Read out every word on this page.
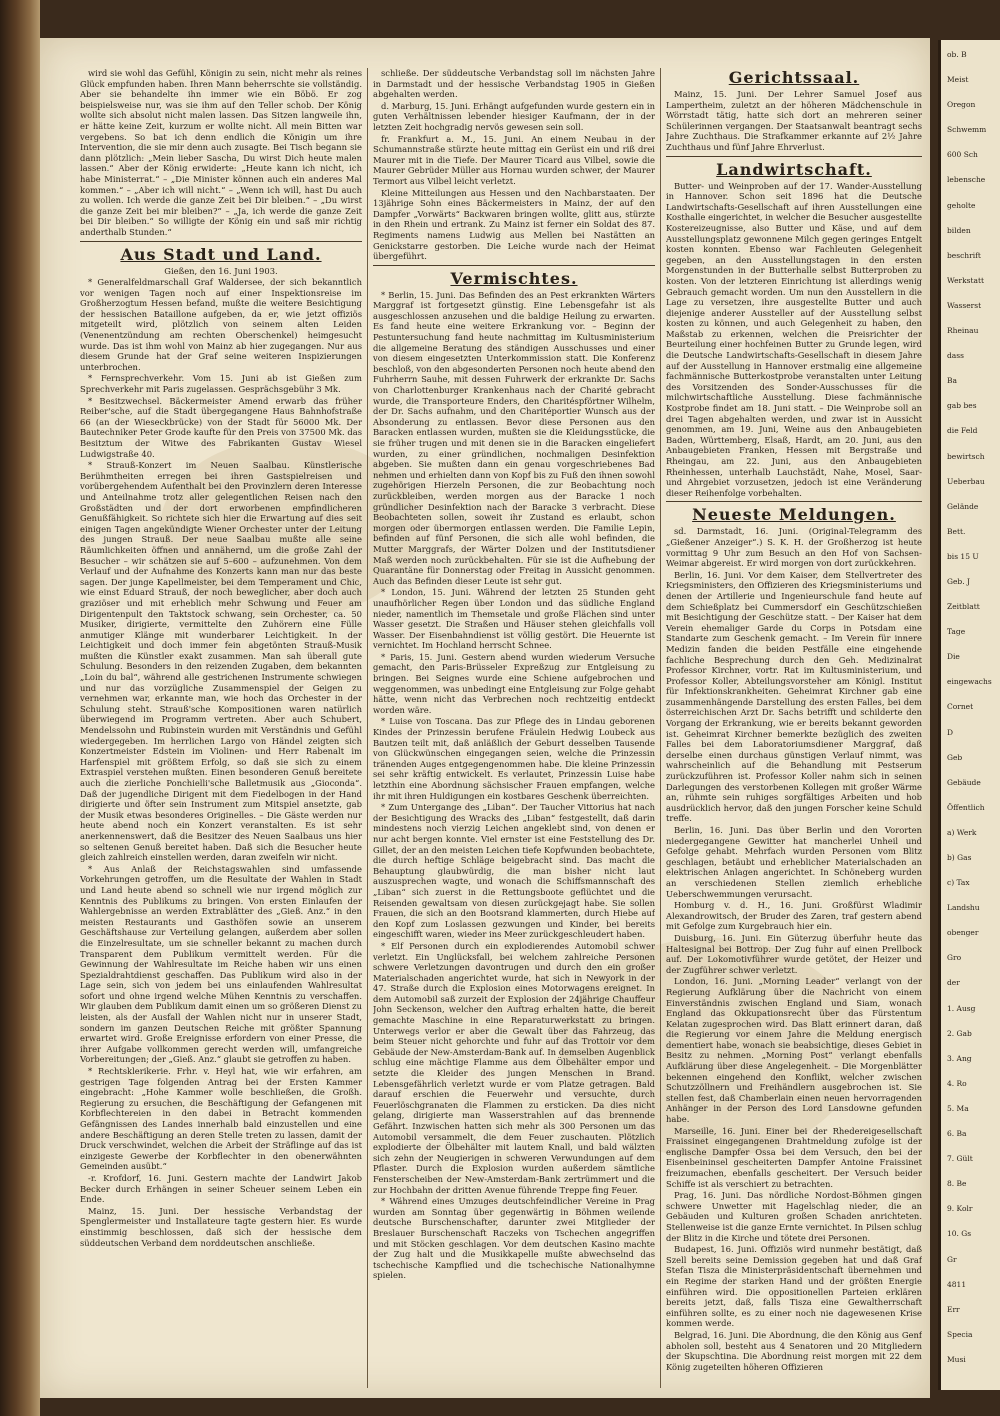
wird sie wohl das Gefühl, Königin zu sein, nicht mehr als reines Glück empfunden haben. Ihren Mann beherrschte sie vollständig. Aber sie behandelte ihn immer wie ein Böbö. Er zog beispielsweise nur, was sie ihm auf den Teller schob. Der König wollte sich absolut nicht malen lassen. Das Sitzen langweile ihn, er hätte keine Zeit, kurzum er wollte nicht. All mein Bitten war vergebens. So bat ich denn endlich die Königin um ihre Intervention, die sie mir denn auch zusagte. Bei Tisch begann sie dann plötzlich: „Mein lieber Sascha, Du wirst Dich heute malen lassen.“ Aber der König erwiderte: „Heute kann ich nicht, ich habe Ministerrat.“ – „Die Minister können auch ein anderes Mal kommen.“ – „Aber ich will nicht.“ – „Wenn ich will, hast Du auch zu wollen. Ich werde die ganze Zeit bei Dir bleiben.“ – „Du wirst die ganze Zeit bei mir bleiben?“ – „Ja, ich werde die ganze Zeit bei Dir bleiben.“ So willigte der König ein und saß mir richtig anderthalb Stunden.“

Aus Stadt und Land.

Gießen, den 16. Juni 1903.

* Generalfeldmarschall Graf Waldersee, der sich bekanntlich vor wenigen Tagen noch auf einer Inspektionsreise im Großherzogtum Hessen befand, mußte die weitere Besichtigung der hessischen Bataillone aufgeben, da er, wie jetzt offiziös mitgeteilt wird, plötzlich von seinem alten Leiden (Venenentzündung am rechten Oberschenkel) heimgesucht wurde. Das ist ihm wohl von Mainz ab hier zugegangen. Nur aus diesem Grunde hat der Graf seine weiteren Inspizierungen unterbrochen.

* Fernsprechverkehr. Vom 15. Juni ab ist Gießen zum Sprechverkehr mit Paris zugelassen. Gesprächsgebühr 3 Mk.

* Besitzwechsel. Bäckermeister Amend erwarb das früher Reiber'sche, auf die Stadt übergegangene Haus Bahnhofstraße 66 (an der Wieseckbrücke) von der Stadt für 56000 Mk. Der Bautechniker Peter Grode kaufte für den Preis von 37500 Mk. das Besitztum der Witwe des Fabrikanten Gustav Wiesel Ludwigstraße 40.

* Strauß-Konzert im Neuen Saalbau. Künstlerische Berühmtheiten erregen bei ihren Gastspielreisen und vorübergehendem Aufenthalt bei den Provinzlern deren Interesse und Anteilnahme trotz aller gelegentlichen Reisen nach den Großstädten und der dort erworbenen empfindlicheren Genußfähigkeit. So richtete sich hier die Erwartung auf dies seit einigen Tagen angekündigte Wiener Orchester unter der Leitung des jungen Strauß. Der neue Saalbau mußte alle seine Räumlichkeiten öffnen und annähernd, um die große Zahl der Besucher – wir schätzen sie auf 5–600 – aufzunehmen. Von dem Verlauf und der Aufnahme des Konzerts kann man nur das beste sagen. Der junge Kapellmeister, bei dem Temperament und Chic, wie einst Eduard Strauß, der noch beweglicher, aber doch auch graziöser und mit erheblich mehr Schwung und Feuer am Dirigentenpult den Taktstock schwang, sein Orchester, ca. 50 Musiker, dirigierte, vermittelte den Zuhörern eine Fülle anmutiger Klänge mit wunderbarer Leichtigkeit. In der Leichtigkeit und doch immer fein abgetönten Strauß-Musik mußten die Künstler exakt zusammen. Man sah überall gute Schulung. Besonders in den reizenden Zugaben, dem bekannten „Loin du bal“, während alle gestrichenen Instrumente schwiegen und nur das vorzügliche Zusammenspiel der Geigen zu vernehmen war, erkannte man, wie hoch das Orchester in der Schulung steht. Strauß'sche Kompositionen waren natürlich überwiegend im Programm vertreten. Aber auch Schubert, Mendelssohn und Rubinstein wurden mit Verständnis und Gefühl wiedergegeben. Im herrlichen Largo von Händel zeigten sich Konzertmeister Edstein im Violinen- und Herr Rabenalt im Harfenspiel mit größtem Erfolg, so daß sie sich zu einem Extraspiel verstehen mußten. Einen besonderen Genuß bereitete auch die zierliche Ponchielli'sche Balletmusik aus „Gioconda“. Daß der jugendliche Dirigent mit dem Fiedelbogen in der Hand dirigierte und öfter sein Instrument zum Mitspiel ansetzte, gab der Musik etwas besonderes Originelles. – Die Gäste werden nur heute abend noch ein Konzert veranstalten. Es ist sehr anerkennenswert, daß die Besitzer des Neuen Saalbaus uns hier so seltenen Genuß bereitet haben. Daß sich die Besucher heute gleich zahlreich einstellen werden, daran zweifeln wir nicht.

* Aus Anlaß der Reichstagswahlen sind umfassende Vorkehrungen getroffen, um die Resultate der Wahlen in Stadt und Land heute abend so schnell wie nur irgend möglich zur Kenntnis des Publikums zu bringen. Von ersten Einlaufen der Wahlergebnisse an werden Extrablätter des „Gieß. Anz.“ in den meisten Restaurants und Gasthöfen sowie an unserem Geschäftshause zur Verteilung gelangen, außerdem aber sollen die Einzelresultate, um sie schneller bekannt zu machen durch Transparent dem Publikum vermittelt werden. Für die Gewinnung der Wahlresultate im Reiche haben wir uns einen Spezialdrahtdienst geschaffen. Das Publikum wird also in der Lage sein, sich von jedem bei uns einlaufenden Wahlresultat sofort und ohne irgend welche Mühen Kenntnis zu verschaffen. Wir glauben dem Publikum damit einen um so größeren Dienst zu leisten, als der Ausfall der Wahlen nicht nur in unserer Stadt, sondern im ganzen Deutschen Reiche mit größter Spannung erwartet wird. Große Ereignisse erfordern von einer Presse, die ihrer Aufgabe vollkommen gerecht werden will, umfangreiche Vorbereitungen; der „Gieß. Anz.“ glaubt sie getroffen zu haben.

* Rechtsklerikerie. Frhr. v. Heyl hat, wie wir erfahren, am gestrigen Tage folgenden Antrag bei der Ersten Kammer eingebracht: „Hohe Kammer wolle beschließen, die Großh. Regierung zu ersuchen, die Beschäftigung der Gefangenen mit Korbflechtereien in den dabei in Betracht kommenden Gefängnissen des Landes innerhalb bald einzustellen und eine andere Beschäftigung an deren Stelle treten zu lassen, damit der Druck verschwindet, welchen die Arbeit der Sträflinge auf das ist einzigeste Gewerbe der Korbflechter in den obenerwähnten Gemeinden ausübt.“

-r. Krofdorf, 16. Juni. Gestern machte der Landwirt Jakob Becker durch Erhängen in seiner Scheuer seinem Leben ein Ende.

Mainz, 15. Juni. Der hessische Verbandstag der Spenglermeister und Installateure tagte gestern hier. Es wurde einstimmig beschlossen, daß sich der hessische dem süddeutschen Verband dem norddeutschen anschließe.

schließe. Der süddeutsche Verbandstag soll im nächsten Jahre in Darmstadt und der hessische Verbandstag 1905 in Gießen abgehalten werden.

d. Marburg, 15. Juni. Erhängt aufgefunden wurde gestern ein in guten Verhältnissen lebender hiesiger Kaufmann, der in der letzten Zeit hochgradig nervös gewesen sein soll.

fr. Frankfurt a. M., 15. Juni. An einem Neubau in der Schumannstraße stürzte heute mittag ein Gerüst ein und riß drei Maurer mit in die Tiefe. Der Maurer Ticard aus Vilbel, sowie die Maurer Gebrüder Müller aus Hornau wurden schwer, der Maurer Termort aus Vilbel leicht verletzt.

Kleine Mitteilungen aus Hessen und den Nachbarstaaten. Der 13jährige Sohn eines Bäckermeisters in Mainz, der auf den Dampfer „Vorwärts“ Backwaren bringen wollte, glitt aus, stürzte in den Rhein und ertrank. Zu Mainz ist ferner ein Soldat des 87. Regiments namens Ludwig aus Mellen bei Nastätten an Genickstarre gestorben. Die Leiche wurde nach der Heimat übergeführt.

Vermischtes.

* Berlin, 15. Juni. Das Befinden des an Pest erkrankten Wärters Marggraf ist fortgesetzt günstig. Eine Lebensgefahr ist als ausgeschlossen anzusehen und die baldige Heilung zu erwarten. Es fand heute eine weitere Erkrankung vor. – Beginn der Pestuntersuchung fand heute nachmittag im Kultusministerium die allgemeine Beratung des ständigen Ausschusses und einer von diesem eingesetzten Unterkommission statt. Die Konferenz beschloß, von den abgesonderten Personen noch heute abend den Fuhrherrn Sauhe, mit dessen Fuhrwerk der erkrankte Dr. Sachs von Charlottenburger Krankenhaus nach der Charité gebracht wurde, die Transporteure Enders, den Charitéspförtner Wilhelm, der Dr. Sachs aufnahm, und den Charitéportier Wunsch aus der Absonderung zu entlassen. Bevor diese Personen aus den Baracken entlassen wurden, mußten sie die Kleidungsstücke, die sie früher trugen und mit denen sie in die Baracken eingeliefert wurden, zu einer gründlichen, nochmaligen Desinfektion abgeben. Sie mußten dann ein genau vorgeschriebenes Bad nehmen und erhielten dann von Kopf bis zu Fuß den ihnen sowohl zugehörigen Hierzeln Personen, die zur Beobachtung noch zurückbleiben, werden morgen aus der Baracke 1 noch gründlicher Desinfektion nach der Baracke 3 verbracht. Diese Beobachteten sollen, soweit ihr Zustand es erlaubt, schon morgen oder übermorgen entlassen werden. Die Familie Lepin, befinden auf fünf Personen, die sich alle wohl befinden, die Mutter Marggrafs, der Wärter Dolzen und der Institutsdiener Maß werden noch zurückbehalten. Für sie ist die Aufhebung der Quarantäne für Donnerstag oder Freitag in Aussicht genommen. Auch das Befinden dieser Leute ist sehr gut.

* London, 15. Juni. Während der letzten 25 Stunden geht unaufhörlicher Regen über London und das südliche England nieder, namentlich im Themsetale und große Flächen sind unter Wasser gesetzt. Die Straßen und Häuser stehen gleichfalls voll Wasser. Der Eisenbahndienst ist völlig gestört. Die Heuernte ist vernichtet. Im Hochland herrscht Schnee.

* Paris, 15. Juni. Gestern abend wurden wiederum Versuche gemacht, den Paris-Brüsseler Expreßzug zur Entgleisung zu bringen. Bei Seignes wurde eine Schiene aufgebrochen und weggenommen, was unbedingt eine Entgleisung zur Folge gehabt hätte, wenn nicht das Verbrechen noch rechtzeitig entdeckt worden wäre.

* Luise von Toscana. Das zur Pflege des in Lindau geborenen Kindes der Prinzessin berufene Fräulein Hedwig Loubeck aus Bautzen teilt mit, daß anläßlich der Geburt desselben Tausende von Glückwünschen eingegangen seien, welche die Prinzessin tränenden Auges entgegengenommen habe. Die kleine Prinzessin sei sehr kräftig entwickelt. Es verlautet, Prinzessin Luise habe letzthin eine Abordnung sächsischer Frauen empfangen, welche ihr mit ihren Huldigungen ein kostbares Geschenk überreichten.

* Zum Untergange des „Liban“. Der Taucher Vittorius hat nach der Besichtigung des Wracks des „Liban“ festgestellt, daß darin mindestens noch vierzig Leichen angeklebt sind, von denen er nur acht bergen konnte. Viel ernster ist eine Feststellung des Dr. Gillet, der an den meisten Leichen tiefe Kopfwunden beobachtete, die durch heftige Schläge beigebracht sind. Das macht die Behauptung glaubwürdig, die man bisher nicht laut auszusprechen wagte, und wonach die Schiffsmannschaft des „Liban“ sich zuerst in die Rettungsboote geflüchtet und die Reisenden gewaltsam von diesen zurückgejagt habe. Sie sollen Frauen, die sich an den Bootsrand klammerten, durch Hiebe auf den Kopf zum Loslassen gezwungen und Kinder, bei bereits eingeschifft waren, wieder ins Meer zurückgeschleudert haben.

* Elf Personen durch ein explodierendes Automobil schwer verletzt. Ein Unglücksfall, bei welchem zahlreiche Personen schwere Verletzungen davontrugen und durch den ein großer Materialschaden angerichtet wurde, hat sich in Newyork in der 47. Straße durch die Explosion eines Motorwagens ereignet. In dem Automobil saß zurzeit der Explosion der 24jährige Chauffeur John Seckenson, welcher den Auftrag erhalten hatte, die bereit gemachte Maschine in eine Reparaturwerkstatt zu bringen. Unterwegs verlor er aber die Gewalt über das Fahrzeug, das beim Steuer nicht gehorchte und fuhr auf das Trottoir vor dem Gebäude der New-Amsterdam-Bank auf. In demselben Augenblick schlug eine mächtige Flamme aus dem Ölbehälter empor und setzte die Kleider des jungen Menschen in Brand. Lebensgefährlich verletzt wurde er vom Platze getragen. Bald darauf erschien die Feuerwehr und versuchte, durch Feuerlöschgranaten die Flammen zu ersticken. Da dies nicht gelang, dirigierte man Wasserstrahlen auf das brennende Gefährt. Inzwischen hatten sich mehr als 300 Personen um das Automobil versammelt, die dem Feuer zuschauten. Plötzlich explodierte der Ölbehälter mit lautem Knall, und bald wälzten sich zehn der Neugierigen in schweren Verwundungen auf dem Pflaster. Durch die Explosion wurden außerdem sämtliche Fensterscheiben der New-Amsterdam-Bank zertrümmert und die zur Hochbahn der dritten Avenue führende Treppe fing Feuer.

* Während eines Umzuges deutschfeindlicher Vereine in Prag wurden am Sonntag über gegenwärtig in Böhmen weilende deutsche Burschenschafter, darunter zwei Mitglieder der Breslauer Burschenschaft Raczeks von Tschechen angegriffen und mit Stöcken geschlagen. Vor dem deutschen Kasino machte der Zug halt und die Musikkapelle mußte abwechselnd das tschechische Kampflied und die tschechische Nationalhymne spielen.

Gerichtssaal.

Mainz, 15. Juni. Der Lehrer Samuel Josef aus Lampertheim, zuletzt an der höheren Mädchenschule in Wörrstadt tätig, hatte sich dort an mehreren seiner Schülerinnen vergangen. Der Staatsanwalt beantragt sechs Jahre Zuchthaus. Die Strafkammer erkannte auf 2½ Jahre Zuchthaus und fünf Jahre Ehrverlust.

Landwirtschaft.

Butter- und Weinproben auf der 17. Wander-Ausstellung in Hannover. Schon seit 1896 hat die Deutsche Landwirtschafts-Gesellschaft auf ihren Ausstellungen eine Kosthalle eingerichtet, in welcher die Besucher ausgestellte Kostereizeugnisse, also Butter und Käse, und auf dem Ausstellungsplatz gewonnene Milch gegen geringes Entgelt kosten konnten. Ebenso war Fachleuten Gelegenheit gegeben, an den Ausstellungstagen in den ersten Morgenstunden in der Butterhalle selbst Butterproben zu kosten. Von der letzteren Einrichtung ist allerdings wenig Gebrauch gemacht worden. Um nun den Ausstellern in die Lage zu versetzen, ihre ausgestellte Butter und auch diejenige anderer Aussteller auf der Ausstellung selbst kosten zu können, und auch Gelegenheit zu haben, den Maßstab zu erkennen, welchen die Preisrichter der Beurteilung einer hochfeinen Butter zu Grunde legen, wird die Deutsche Landwirtschafts-Gesellschaft in diesem Jahre auf der Ausstellung in Hannover erstmalig eine allgemeine fachmännische Butterkostprobe veranstalten unter Leitung des Vorsitzenden des Sonder-Ausschusses für die milchwirtschaftliche Ausstellung. Diese fachmännische Kostprobe findet am 18. Juni statt. – Die Weinprobe soll an drei Tagen abgehalten werden, und zwar ist in Aussicht genommen, am 19. Juni, Weine aus den Anbaugebieten Baden, Württemberg, Elsaß, Hardt, am 20. Juni, aus den Anbaugebieten Franken, Hessen mit Bergstraße und Rheingau, am 22. Juni, aus den Anbaugebieten Rheinhessen, unterhalb Lauchstädt, Nahe, Mosel, Saar- und Ahrgebiet vorzusetzen, jedoch ist eine Veränderung dieser Reihenfolge vorbehalten.

Neueste Meldungen.

sd. Darmstadt, 16. Juni. (Original-Telegramm des „Gießener Anzeiger“.) S. K. H. der Großherzog ist heute vormittag 9 Uhr zum Besuch an den Hof von Sachsen-Weimar abgereist. Er wird morgen von dort zurückkehren.

Berlin, 16. Juni. Vor dem Kaiser, dem Stellvertreter des Kriegsministers, den Offizieren des Kriegsministeriums und denen der Artillerie und Ingenieurschule fand heute auf dem Schießplatz bei Cummersdorf ein Geschützschießen mit Besichtigung der Geschütze statt. – Der Kaiser hat dem Verein ehemaliger Garde du Corps in Potsdam eine Standarte zum Geschenk gemacht. – Im Verein für innere Medizin fanden die beiden Pestfälle eine eingehende fachliche Besprechung durch den Geh. Medizinalrat Professor Kirchner, vortr. Rat im Kultusministerium, und Professor Koller, Abteilungsvorsteher am Königl. Institut für Infektionskrankheiten. Geheimrat Kirchner gab eine zusammenhängende Darstellung des ersten Falles, bei dem österreichischen Arzt Dr. Sachs betrifft und schilderte den Vorgang der Erkrankung, wie er bereits bekannt geworden ist. Geheimrat Kirchner bemerkte bezüglich des zweiten Falles bei dem Laboratoriumsdiener Marggraf, daß derselbe einen durchaus günstigen Verlauf nimmt, was wahrscheinlich auf die Behandlung mit Pestserum zurückzuführen ist. Professor Koller nahm sich in seinen Darlegungen des verstorbenen Kollegen mit großer Wärme an, rühmte sein ruhiges sorgfältiges Arbeiten und hob ausdrücklich hervor, daß den jungen Forscher keine Schuld treffe.

Berlin, 16. Juni. Das über Berlin und den Vororten niedergegangene Gewitter hat mancherlei Unheil und Gefolge gehabt. Mehrfach wurden Personen vom Blitz geschlagen, betäubt und erheblicher Materialschaden an elektrischen Anlagen angerichtet. In Schöneberg wurden an verschiedenen Stellen ziemlich erhebliche Ueberschwemmungen verursacht.

Homburg v. d. H., 16. Juni. Großfürst Wladimir Alexandrowitsch, der Bruder des Zaren, traf gestern abend mit Gefolge zum Kurgebrauch hier ein.

Duisburg, 16. Juni. Ein Güterzug überfuhr heute das Haltesignal bei Bottrop. Der Zug fuhr auf einen Prellbock auf. Der Lokomotivführer wurde getötet, der Heizer und der Zugführer schwer verletzt.

London, 16. Juni. „Morning Leader“ verlangt von der Regierung Aufklärung über die Nachricht von einem Einverständnis zwischen England und Siam, wonach England das Okkupationsrecht über das Fürstentum Kelatan zugesprochen wird. Das Blatt erinnert daran, daß die Regierung vor einem Jahre die Meldung energisch dementiert habe, wonach sie beabsichtige, dieses Gebiet in Besitz zu nehmen. „Morning Post“ verlangt ebenfalls Aufklärung über diese Angelegenheit. – Die Morgenblätter bekennen eingehend den Konflikt, welcher zwischen Schutzzöllnern und Freihändlern ausgebrochen ist. Sie stellen fest, daß Chamberlain einen neuen hervorragenden Anhänger in der Person des Lord Lansdowne gefunden habe.

Marseille, 16. Juni. Einer bei der Rhedereigesellschaft Fraissinet eingegangenen Drahtmeldung zufolge ist der englische Dampfer Ossa bei dem Versuch, den bei der Eisenbeininsel gescheiterten Dampfer Antoine Fraissinet freizumachen, ebenfalls gescheitert. Der Versuch beider Schiffe ist als verschiert zu betrachten.

Prag, 16. Juni. Das nördliche Nordost-Böhmen gingen schwere Unwetter mit Hagelschlag nieder, die an Gebäuden und Kulturen großen Schaden anrichteten. Stellenweise ist die ganze Ernte vernichtet. In Pilsen schlug der Blitz in die Kirche und tötete drei Personen.

Budapest, 16. Juni. Offiziös wird nunmehr bestätigt, daß Szell bereits seine Demission gegeben hat und daß Graf Stefan Tisza die Ministerpräsidentschaft übernehmen und ein Regime der starken Hand und der größten Energie einführen wird. Die oppositionellen Parteien erklären bereits jetzt, daß, falls Tisza eine Gewaltherrschaft einführen sollte, es zu einer noch nie dagewesenen Krise kommen werde.

Belgrad, 16. Juni. Die Abordnung, die den König aus Genf abholen soll, besteht aus 4 Senatoren und 20 Mitgliedern der Skupschtina. Die Abordnung reist morgen mit 22 dem König zugeteilten höheren Offizieren

ob. B
Meist
Oregon
Schwemm
600 Sch
lebensche
geholte
bilden
beschrift
Werkstatt
Wasserst
Rheinau
dass
Ba
gab bes
die Feld
bewirtsch
Ueberbau
Gelände
Bett.
bis 15 U
Geb. J
Zeitblatt
Tage
Die
eingewachs
Cornet
D
Geb
Gebäude
Öffentlich
a) Werk
b) Gas
c) Tax
Landshu
obenger
Gro
der
1. Ausg
2. Gab
3. Ang
4. Ro
5. Ma
6. Ba
7. Gült
8. Be
9. Kolr
10. Gs
Gr
4811
Err
Specia
Musi
